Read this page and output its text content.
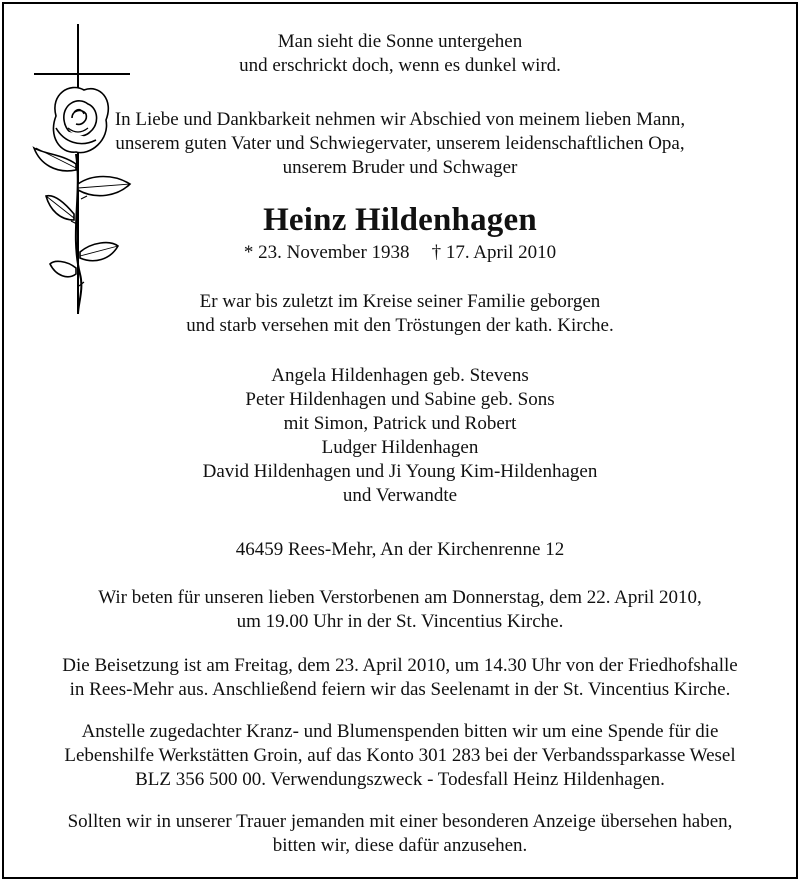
Man sieht die Sonne untergehen
und erschrickt doch, wenn es dunkel wird.

In Liebe und Dankbarkeit nehmen wir Abschied von meinem lieben Mann,
unserem guten Vater und Schwiegervater, unserem leidenschaftlichen Opa,
unserem Bruder und Schwager

Heinz Hildenhagen

* 23. November 1938 † 17. April 2010

Er war bis zuletzt im Kreise seiner Familie geborgen
und starb versehen mit den Tröstungen der kath. Kirche.

Angela Hildenhagen geb. Stevens
Peter Hildenhagen und Sabine geb. Sons
mit Simon, Patrick und Robert
Ludger Hildenhagen
David Hildenhagen und Ji Young Kim-Hildenhagen
und Verwandte

46459 Rees-Mehr, An der Kirchenrenne 12

Wir beten für unseren lieben Verstorbenen am Donnerstag, dem 22. April 2010,
um 19.00 Uhr in der St. Vincentius Kirche.

Die Beisetzung ist am Freitag, dem 23. April 2010, um 14.30 Uhr von der Friedhofshalle
in Rees-Mehr aus. Anschließend feiern wir das Seelenamt in der St. Vincentius Kirche.

Anstelle zugedachter Kranz- und Blumenspenden bitten wir um eine Spende für die
Lebenshilfe Werkstätten Groin, auf das Konto 301 283 bei der Verbandssparkasse Wesel
BLZ 356 500 00. Verwendungszweck - Todesfall Heinz Hildenhagen.

Sollten wir in unserer Trauer jemanden mit einer besonderen Anzeige übersehen haben,
bitten wir, diese dafür anzusehen.
